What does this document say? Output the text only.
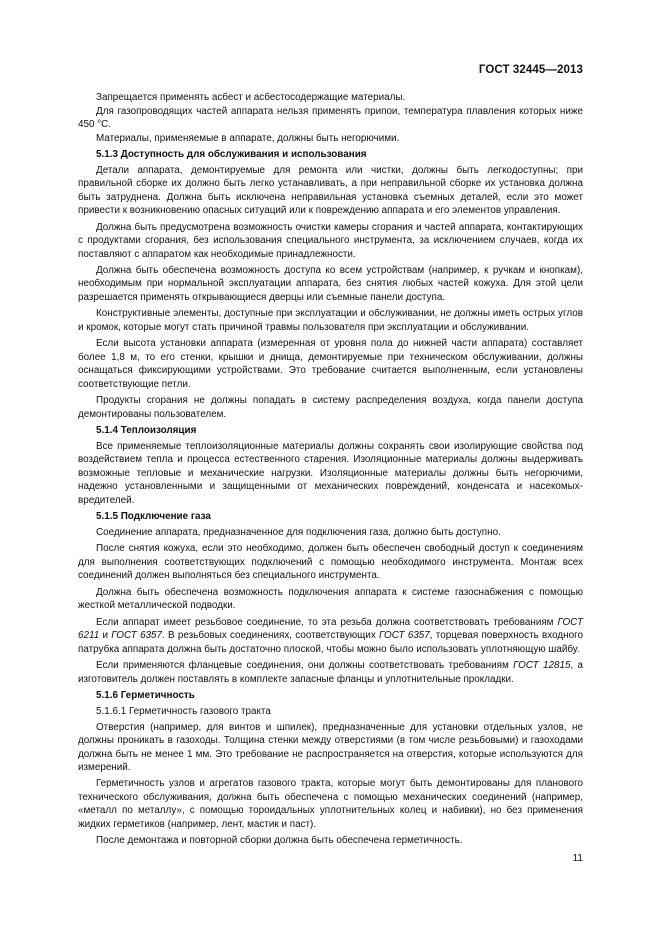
ГОСТ 32445—2013

Запрещается применять асбест и асбестосодержащие материалы.

Для газопроводящих частей аппарата нельзя применять припои, температура плавления которых ниже 450 °С.

Материалы, применяемые в аппарате, должны быть негорючими.

5.1.3 Доступность для обслуживания и использования

Детали аппарата, демонтируемые для ремонта или чистки, должны быть легкодоступны; при правильной сборке их должно быть легко устанавливать, а при неправильной сборке их установка должна быть затруднена. Должна быть исключена неправильная установка съемных деталей, если это может привести к возникновению опасных ситуаций или к повреждению аппарата и его элементов управления.

Должна быть предусмотрена возможность очистки камеры сгорания и частей аппарата, контактирующих с продуктами сгорания, без использования специального инструмента, за исключением случаев, когда их поставляют с аппаратом как необходимые принадлежности.

Должна быть обеспечена возможность доступа ко всем устройствам (например, к ручкам и кнопкам), необходимым при нормальной эксплуатации аппарата, без снятия любых частей кожуха. Для этой цели разрешается применять открывающиеся дверцы или съемные панели доступа.

Конструктивные элементы, доступные при эксплуатации и обслуживании, не должны иметь острых углов и кромок, которые могут стать причиной травмы пользователя при эксплуатации и обслуживании.

Если высота установки аппарата (измеренная от уровня пола до нижней части аппарата) составляет более 1,8 м, то его стенки, крышки и днища, демонтируемые при техническом обслуживании, должны оснащаться фиксирующими устройствами. Это требование считается выполненным, если установлены соответствующие петли.

Продукты сгорания не должны попадать в систему распределения воздуха, когда панели доступа демонтированы пользователем.

5.1.4 Теплоизоляция

Все применяемые теплоизоляционные материалы должны сохранять свои изолирующие свойства под воздействием тепла и процесса естественного старения. Изоляционные материалы должны выдерживать возможные тепловые и механические нагрузки. Изоляционные материалы должны быть негорючими, надежно установленными и защищенными от механических повреждений, конденсата и насекомых-вредителей.

5.1.5 Подключение газа

Соединение аппарата, предназначенное для подключения газа, должно быть доступно.

После снятия кожуха, если это необходимо, должен быть обеспечен свободный доступ к соединениям для выполнения соответствующих подключений с помощью необходимого инструмента. Монтаж всех соединений должен выполняться без специального инструмента.

Должна быть обеспечена возможность подключения аппарата к системе газоснабжения с помощью жесткой металлической подводки.

Если аппарат имеет резьбовое соединение, то эта резьба должна соответствовать требованиям ГОСТ 6211 и ГОСТ 6357. В резьбовых соединениях, соответствующих ГОСТ 6357, торцевая поверхность входного патрубка аппарата должна быть достаточно плоской, чтобы можно было использовать уплотняющую шайбу.

Если применяются фланцевые соединения, они должны соответствовать требованиям ГОСТ 12815, а изготовитель должен поставлять в комплекте запасные фланцы и уплотнительные прокладки.

5.1.6 Герметичность
5.1.6.1 Герметичность газового тракта

Отверстия (например, для винтов и шпилек), предназначенные для установки отдельных узлов, не должны проникать в газоходы. Толщина стенки между отверстиями (в том числе резьбовыми) и газоходами должна быть не менее 1 мм. Это требование не распространяется на отверстия, которые используются для измерений.

Герметичность узлов и агрегатов газового тракта, которые могут быть демонтированы для планового технического обслуживания, должна быть обеспечена с помощью механических соединений (например, «металл по металлу», с помощью тороидальных уплотнительных колец и набивки), но без применения жидких герметиков (например, лент, мастик и паст).

После демонтажа и повторной сборки должна быть обеспечена герметичность.

11
